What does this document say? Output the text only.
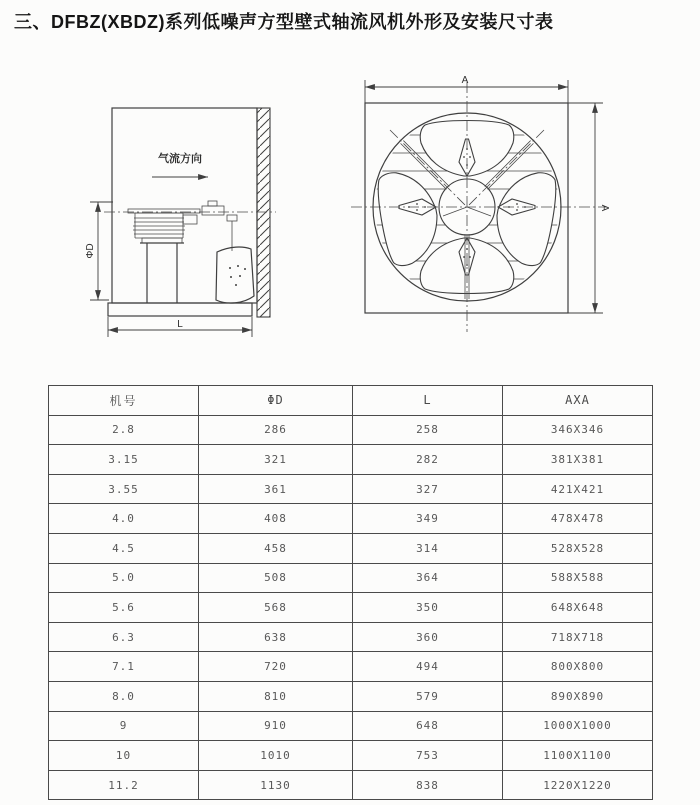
三、DFBZ(XBDZ)系列低噪声方型壁式轴流风机外形及安装尺寸表
气流方向
ΦD
L
A
A
机号	ΦD	L	AXA
2.8	286	258	346X346
3.15	321	282	381X381
3.55	361	327	421X421
4.0	408	349	478X478
4.5	458	314	528X528
5.0	508	364	588X588
5.6	568	350	648X648
6.3	638	360	718X718
7.1	720	494	800X800
8.0	810	579	890X890
9	910	648	1000X1000
10	1010	753	1100X1100
11.2	1130	838	1220X1220
